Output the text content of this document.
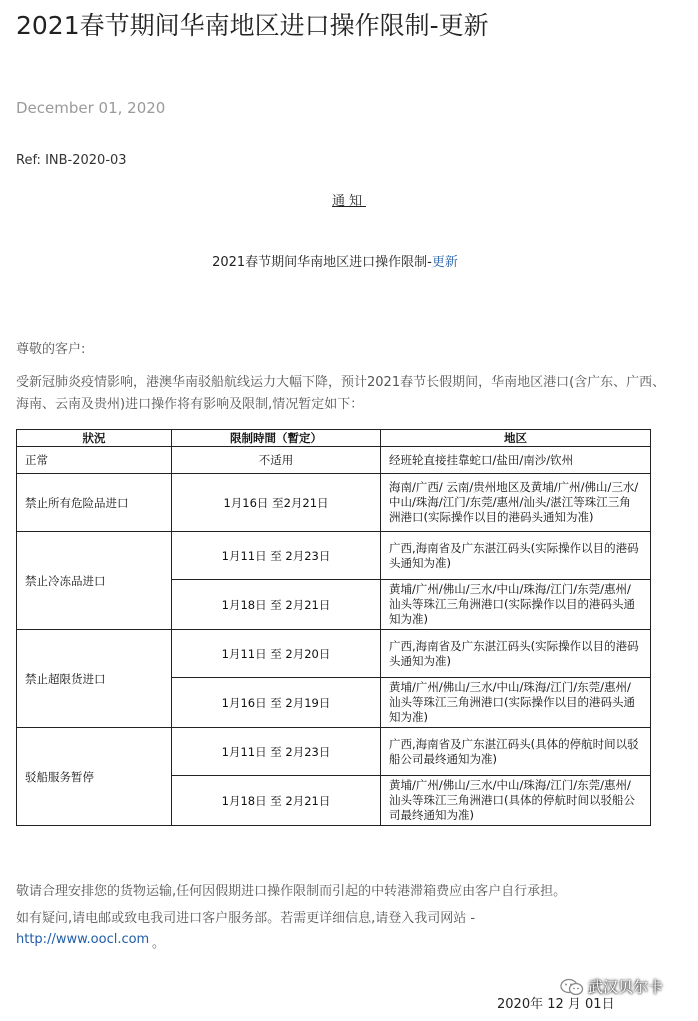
2021春节期间华南地区进口操作限制-更新
December 01, 2020
Ref: INB-2020-03
通知
2021春节期间华南地区进口操作限制-更新
尊敬的客户:
受新冠肺炎疫情影响，港澳华南驳船航线运力大幅下降，预计2021春节长假期间，华南地区港口(含广东、广西、海南、云南及贵州)进口操作将有影响及限制,情况暂定如下：
狀況	限制時間（暫定）	地区
正常	不适用	经班轮直接挂靠蛇口/盐田/南沙/钦州
禁止所有危险品进口	1月16日 至2月21日	海南/广西/ 云南/贵州地区及黄埔/广州/佛山/三水/中山/珠海/江门/东莞/惠州/汕头/湛江等珠江三角洲港口(实际操作以目的港码头通知为准)
禁止冷冻品进口	1月11日 至 2月23日	广西,海南省及广东湛江码头(实际操作以目的港码头通知为准)
	1月18日 至 2月21日	黄埔/广州/佛山/三水/中山/珠海/江门/东莞/惠州/汕头等珠江三角洲港口(实际操作以目的港码头通知为准)
禁止超限货进口	1月11日 至 2月20日	广西,海南省及广东湛江码头(实际操作以目的港码头通知为准)
	1月16日 至 2月19日	黄埔/广州/佛山/三水/中山/珠海/江门/东莞/惠州/汕头等珠江三角洲港口(实际操作以目的港码头通知为准)
驳船服务暂停	1月11日 至 2月23日	广西,海南省及广东湛江码头(具体的停航时间以驳船公司最终通知为准)
	1月18日 至 2月21日	黄埔/广州/佛山/三水/中山/珠海/江门/东莞/惠州/汕头等珠江三角洲港口(具体的停航时间以驳船公司最终通知为准)
敬请合理安排您的货物运输,任何因假期进口操作限制而引起的中转港滞箱费应由客户自行承担。
如有疑问,请电邮或致电我司进口客户服务部。若需更详细信息,请登入我司网站 -
http://www.oocl.com 。
2020年 12 月 01日
武汉贝尔卡
